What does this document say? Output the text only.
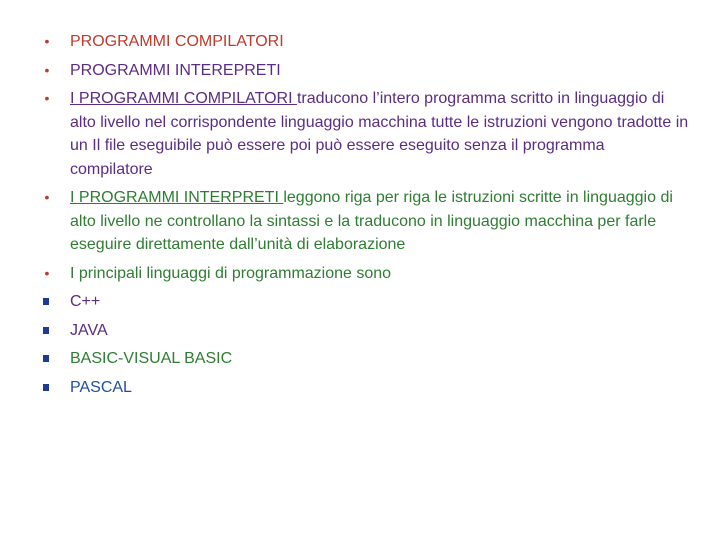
•
PROGRAMMI COMPILATORI
•
PROGRAMMI INTEREPRETI
•
I PROGRAMMI COMPILATORI traducono l’intero programma scritto in linguaggio di alto livello nel corrispondente linguaggio macchina tutte le istruzioni vengono tradotte in un Il file eseguibile può essere poi può essere eseguito senza il programma compilatore
•
I PROGRAMMI INTERPRETI leggono riga per riga le istruzioni scritte in linguaggio di alto livello ne controllano la sintassi e la traducono in linguaggio macchina per farle eseguire direttamente dall’unità di elaborazione
•
I principali linguaggi di programmazione sono
C++
JAVA
BASIC-VISUAL BASIC
PASCAL
